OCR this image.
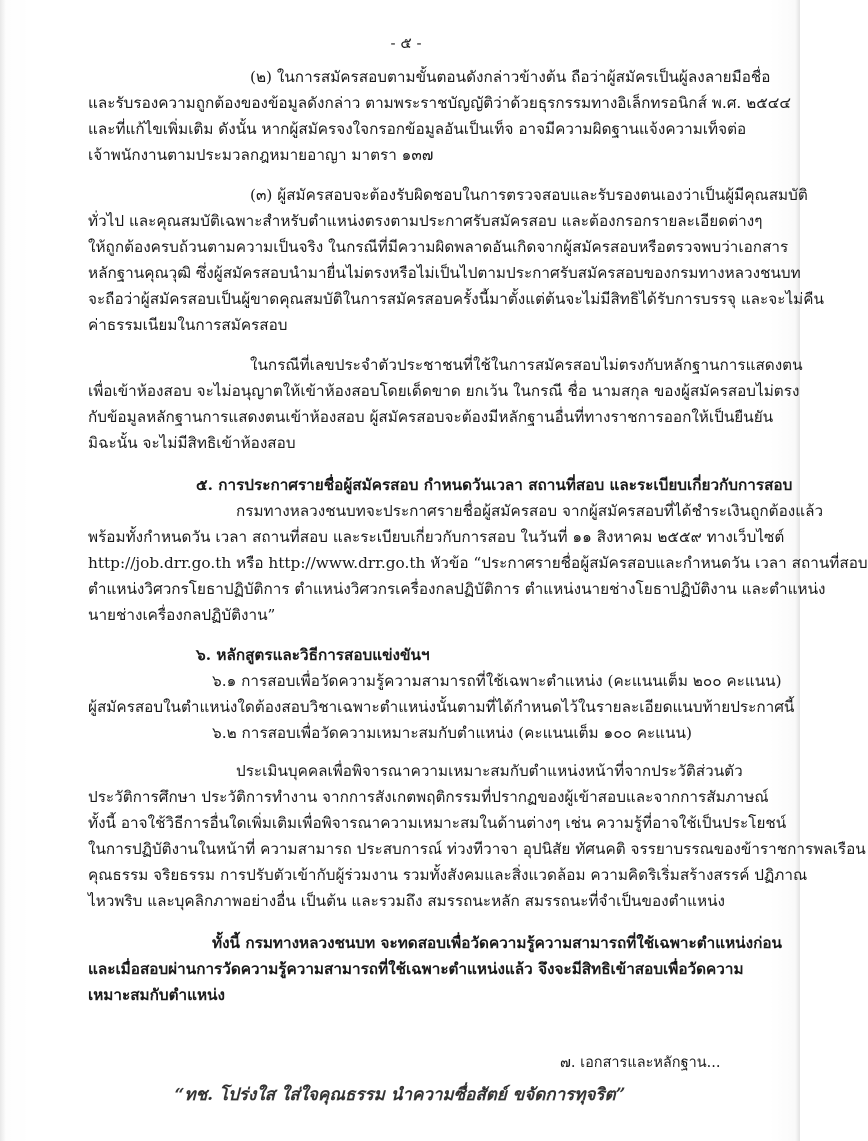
- ๕ -
(๒) ในการสมัครสอบตามขั้นตอนดังกล่าวข้างต้น ถือว่าผู้สมัครเป็นผู้ลงลายมือชื่อ
และรับรองความถูกต้องของข้อมูลดังกล่าว ตามพระราชบัญญัติว่าด้วยธุรกรรมทางอิเล็กทรอนิกส์ พ.ศ. ๒๕๔๔
และที่แก้ไขเพิ่มเติม ดังนั้น หากผู้สมัครจงใจกรอกข้อมูลอันเป็นเท็จ อาจมีความผิดฐานแจ้งความเท็จต่อ
เจ้าพนักงานตามประมวลกฎหมายอาญา มาตรา ๑๓๗
(๓) ผู้สมัครสอบจะต้องรับผิดชอบในการตรวจสอบและรับรองตนเองว่าเป็นผู้มีคุณสมบัติ
ทั่วไป และคุณสมบัติเฉพาะสำหรับตำแหน่งตรงตามประกาศรับสมัครสอบ และต้องกรอกรายละเอียดต่างๆ
ให้ถูกต้องครบถ้วนตามความเป็นจริง ในกรณีที่มีความผิดพลาดอันเกิดจากผู้สมัครสอบหรือตรวจพบว่าเอกสาร
หลักฐานคุณวุฒิ ซึ่งผู้สมัครสอบนำมายื่นไม่ตรงหรือไม่เป็นไปตามประกาศรับสมัครสอบของกรมทางหลวงชนบท
จะถือว่าผู้สมัครสอบเป็นผู้ขาดคุณสมบัติในการสมัครสอบครั้งนี้มาตั้งแต่ต้นจะไม่มีสิทธิได้รับการบรรจุ และจะไม่คืน
ค่าธรรมเนียมในการสมัครสอบ
ในกรณีที่เลขประจำตัวประชาชนที่ใช้ในการสมัครสอบไม่ตรงกับหลักฐานการแสดงตน
เพื่อเข้าห้องสอบ จะไม่อนุญาตให้เข้าห้องสอบโดยเด็ดขาด ยกเว้น ในกรณี ชื่อ นามสกุล ของผู้สมัครสอบไม่ตรง
กับข้อมูลหลักฐานการแสดงตนเข้าห้องสอบ ผู้สมัครสอบจะต้องมีหลักฐานอื่นที่ทางราชการออกให้เป็นยืนยัน
มิฉะนั้น จะไม่มีสิทธิเข้าห้องสอบ
๕. การประกาศรายชื่อผู้สมัครสอบ กำหนดวันเวลา สถานที่สอบ และระเบียบเกี่ยวกับการสอบ
กรมทางหลวงชนบทจะประกาศรายชื่อผู้สมัครสอบ จากผู้สมัครสอบที่ได้ชำระเงินถูกต้องแล้ว
พร้อมทั้งกำหนดวัน เวลา สถานที่สอบ และระเบียบเกี่ยวกับการสอบ ในวันที่ ๑๑ สิงหาคม ๒๕๕๙ ทางเว็บไซต์
http://job.drr.go.th หรือ http://www.drr.go.th หัวข้อ “ประกาศรายชื่อผู้สมัครสอบและกำหนดวัน เวลา สถานที่สอบ
ตำแหน่งวิศวกรโยธาปฏิบัติการ ตำแหน่งวิศวกรเครื่องกลปฏิบัติการ ตำแหน่งนายช่างโยธาปฏิบัติงาน และตำแหน่ง
นายช่างเครื่องกลปฏิบัติงาน”
๖. หลักสูตรและวิธีการสอบแข่งขันฯ
๖.๑ การสอบเพื่อวัดความรู้ความสามารถที่ใช้เฉพาะตำแหน่ง (คะแนนเต็ม ๒๐๐ คะแนน)
ผู้สมัครสอบในตำแหน่งใดต้องสอบวิชาเฉพาะตำแหน่งนั้นตามที่ได้กำหนดไว้ในรายละเอียดแนบท้ายประกาศนี้
๖.๒ การสอบเพื่อวัดความเหมาะสมกับตำแหน่ง (คะแนนเต็ม ๑๐๐ คะแนน)
ประเมินบุคคลเพื่อพิจารณาความเหมาะสมกับตำแหน่งหน้าที่จากประวัติส่วนตัว
ประวัติการศึกษา ประวัติการทำงาน จากการสังเกตพฤติกรรมที่ปรากฏของผู้เข้าสอบและจากการสัมภาษณ์
ทั้งนี้ อาจใช้วิธีการอื่นใดเพิ่มเติมเพื่อพิจารณาความเหมาะสมในด้านต่างๆ เช่น ความรู้ที่อาจใช้เป็นประโยชน์
ในการปฏิบัติงานในหน้าที่ ความสามารถ ประสบการณ์ ท่วงทีวาจา อุปนิสัย ทัศนคติ จรรยาบรรณของข้าราชการพลเรือน
คุณธรรม จริยธรรม การปรับตัวเข้ากับผู้ร่วมงาน รวมทั้งสังคมและสิ่งแวดล้อม ความคิดริเริ่มสร้างสรรค์ ปฏิภาณ
ไหวพริบ และบุคลิกภาพอย่างอื่น เป็นต้น และรวมถึง สมรรถนะหลัก สมรรถนะที่จำเป็นของตำแหน่ง
ทั้งนี้ กรมทางหลวงชนบท จะทดสอบเพื่อวัดความรู้ความสามารถที่ใช้เฉพาะตำแหน่งก่อน
และเมื่อสอบผ่านการวัดความรู้ความสามารถที่ใช้เฉพาะตำแหน่งแล้ว จึงจะมีสิทธิเข้าสอบเพื่อวัดความ
เหมาะสมกับตำแหน่ง
๗. เอกสารและหลักฐาน...
“ทช. โปร่งใส ใส่ใจคุณธรรม นำความซื่อสัตย์ ขจัดการทุจริต”
